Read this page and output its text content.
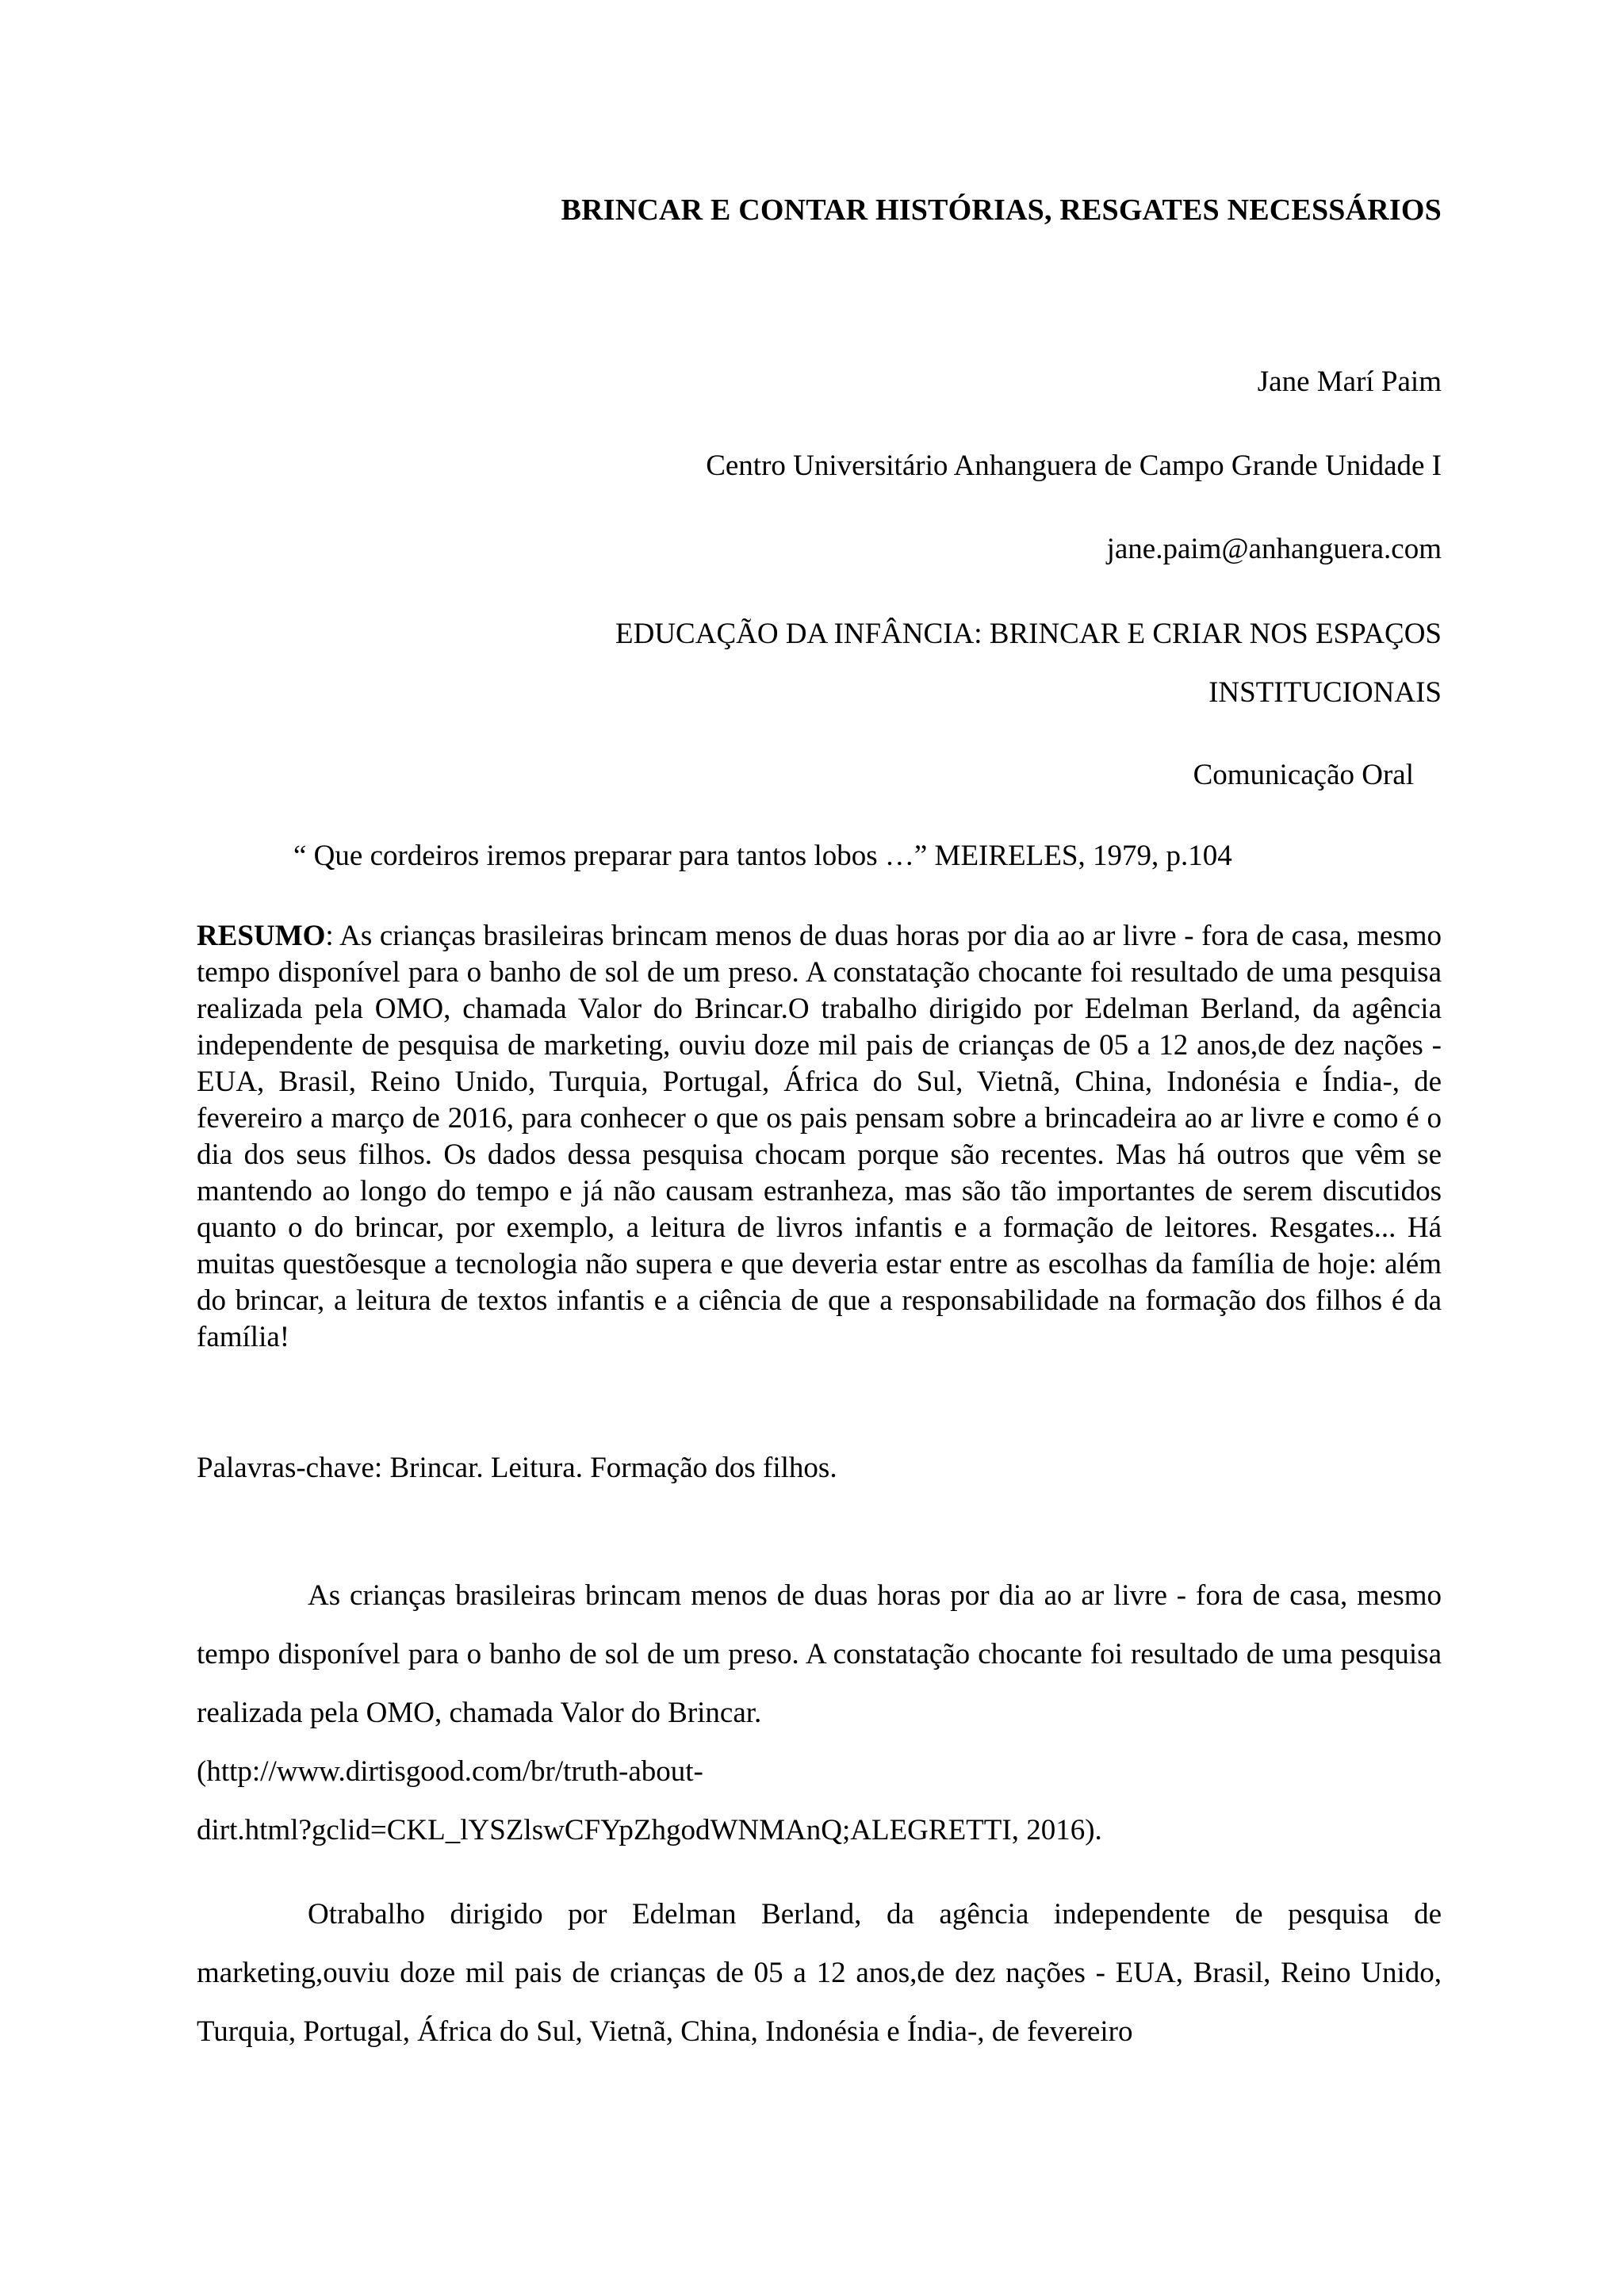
BRINCAR E CONTAR HISTÓRIAS, RESGATES NECESSÁRIOS
Jane Marí Paim
Centro Universitário Anhanguera de Campo Grande Unidade I
jane.paim@anhanguera.com
EDUCAÇÃO DA INFÂNCIA: BRINCAR E CRIAR NOS ESPAÇOS
INSTITUCIONAIS
Comunicação Oral
“ Que cordeiros iremos preparar para tantos lobos …” MEIRELES, 1979, p.104
RESUMO: As crianças brasileiras brincam menos de duas horas por dia ao ar livre - fora de casa, mesmo tempo disponível para o banho de sol de um preso. A constatação chocante foi resultado de uma pesquisa realizada pela OMO, chamada Valor do Brincar.O trabalho dirigido por Edelman Berland, da agência independente de pesquisa de marketing, ouviu doze mil pais de crianças de 05 a 12 anos,de dez nações - EUA, Brasil, Reino Unido, Turquia, Portugal, África do Sul, Vietnã, China, Indonésia e Índia-, de fevereiro a março de 2016, para conhecer o que os pais pensam sobre a brincadeira ao ar livre e como é o dia dos seus filhos. Os dados dessa pesquisa chocam porque são recentes. Mas há outros que vêm se mantendo ao longo do tempo e já não causam estranheza, mas são tão importantes de serem discutidos quanto o do brincar, por exemplo, a leitura de livros infantis e a formação de leitores. Resgates... Há muitas questõesque a tecnologia não supera e que deveria estar entre as escolhas da família de hoje: além do brincar, a leitura de textos infantis e a ciência de que a responsabilidade na formação dos filhos é da família!
Palavras-chave: Brincar. Leitura. Formação dos filhos.
As crianças brasileiras brincam menos de duas horas por dia ao ar livre - fora de casa, mesmo tempo disponível para o banho de sol de um preso. A constatação chocante foi resultado de uma pesquisa realizada pela OMO, chamada Valor do Brincar.
(http://www.dirtisgood.com/br/truth-about-
dirt.html?gclid=CKL_lYSZlswCFYpZhgodWNMAnQ;ALEGRETTI, 2016).
Otrabalho dirigido por Edelman Berland, da agência independente de pesquisa de marketing,ouviu doze mil pais de crianças de 05 a 12 anos,de dez nações - EUA, Brasil, Reino Unido, Turquia, Portugal, África do Sul, Vietnã, China, Indonésia e Índia-, de fevereiro
